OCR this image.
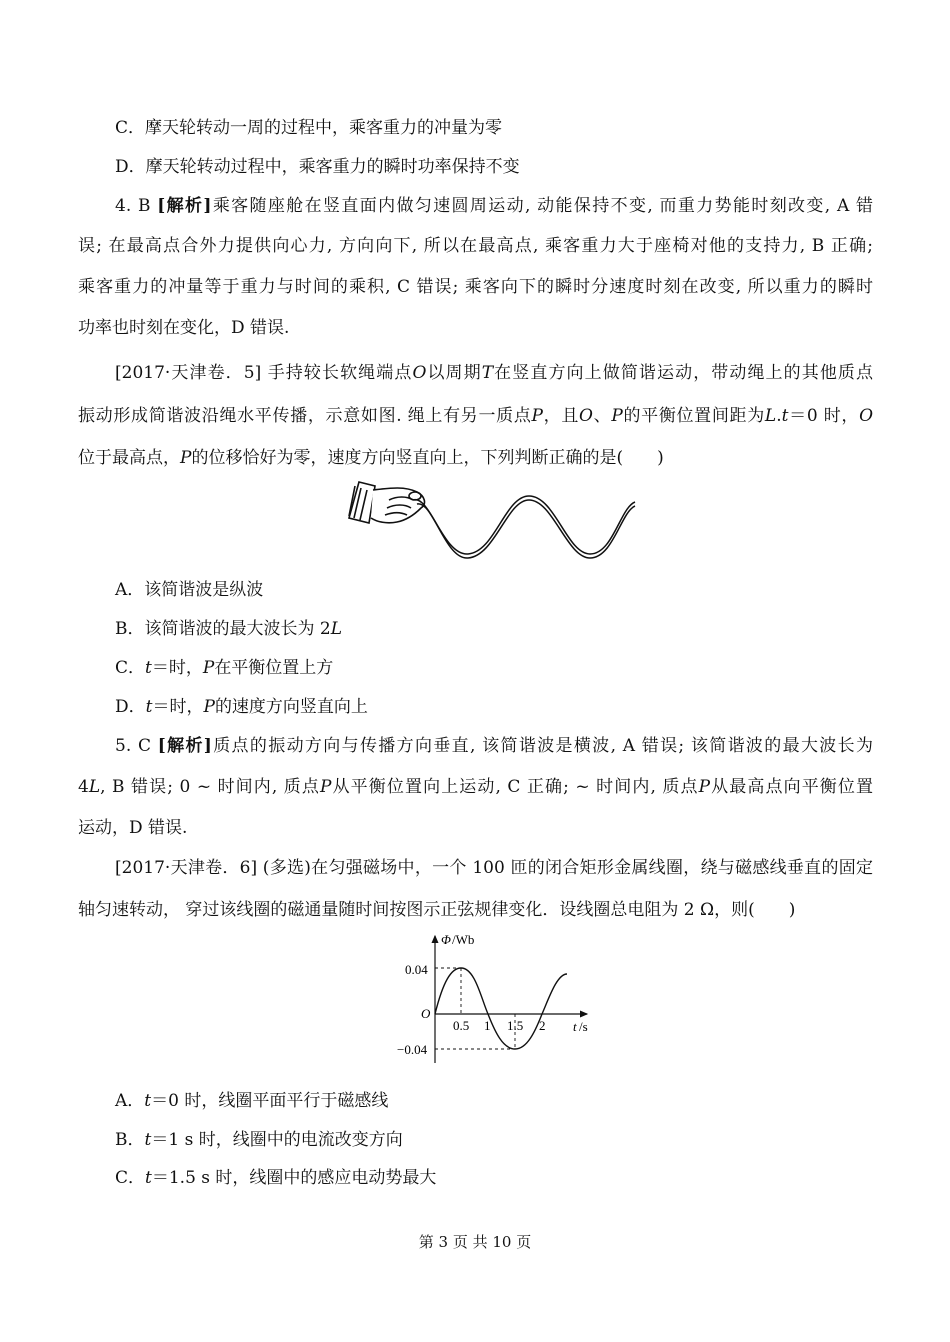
C．摩天轮转动一周的过程中，乘客重力的冲量为零
D．摩天轮转动过程中，乘客重力的瞬时功率保持不变
4. B [解析]乘客随座舱在竖直面内做匀速圆周运动, 动能保持不变, 而重力势能时刻改变, A 错
误; 在最高点合外力提供向心力, 方向向下, 所以在最高点, 乘客重力大于座椅对他的支持力, B 正确;
乘客重力的冲量等于重力与时间的乘积, C 错误; 乘客向下的瞬时分速度时刻在改变, 所以重力的瞬时
功率也时刻在变化，D 错误.
[2017·天津卷．5] 手持较长软绳端点O以周期T在竖直方向上做简谐运动，带动绳上的其他质点
振动形成简谐波沿绳水平传播，示意如图. 绳上有另一质点P，且O、P的平衡位置间距为L.t＝0 时，O
位于最高点，P的位移恰好为零，速度方向竖直向上，下列判断正确的是(　　)
A．该简谐波是纵波
B．该简谐波的最大波长为 2L
C．t＝时，P在平衡位置上方
D．t＝时，P的速度方向竖直向上
5. C [解析]质点的振动方向与传播方向垂直, 该简谐波是横波, A 错误; 该简谐波的最大波长为
4L, B 错误; 0 ~ 时间内, 质点P从平衡位置向上运动, C 正确; ~ 时间内, 质点P从最高点向平衡位置
运动，D 错误.
[2017·天津卷．6] (多选)在匀强磁场中，一个 100 匝的闭合矩形金属线圈，绕与磁感线垂直的固定
轴匀速转动， 穿过该线圈的磁通量随时间按图示正弦规律变化．设线圈总电阻为 2 Ω，则(　　)
Φ /Wb
t /s
O
0.04
−0.04
0.5 1 1.5 2
A．t＝0 时，线圈平面平行于磁感线
B．t＝1 s 时，线圈中的电流改变方向
C．t＝1.5 s 时，线圈中的感应电动势最大
第 3 页 共 10 页
